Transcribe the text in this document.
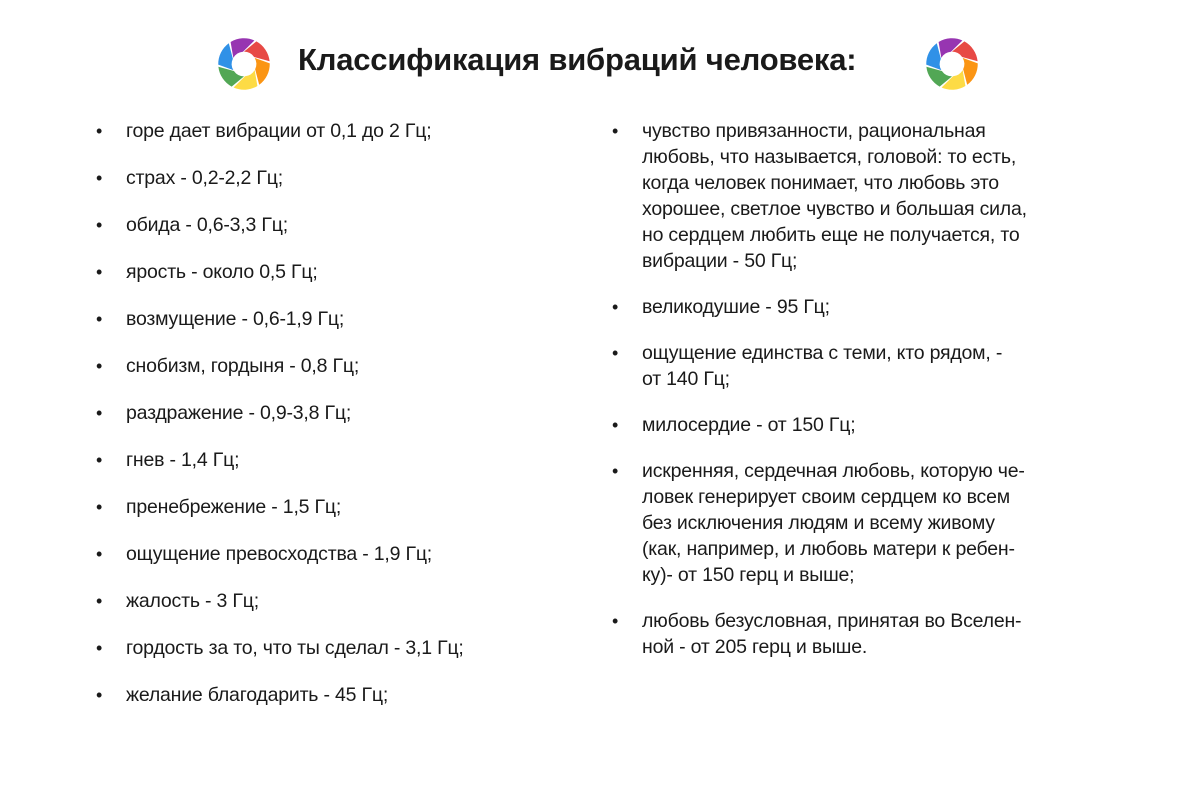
Классификация вибраций человека:
• горе дает вибрации от 0,1 до 2 Гц;
• страх - 0,2-2,2 Гц;
• обида - 0,6-3,3 Гц;
• ярость - около 0,5 Гц;
• возмущение - 0,6-1,9 Гц;
• снобизм, гордыня - 0,8 Гц;
• раздражение - 0,9-3,8 Гц;
• гнев - 1,4 Гц;
• пренебрежение - 1,5 Гц;
• ощущение превосходства - 1,9 Гц;
• жалость - 3 Гц;
• гордость за то, что ты сделал - 3,1 Гц;
• желание благодарить - 45 Гц;
• чувство привязанности, рациональная
любовь, что называется, головой: то есть,
когда человек понимает, что любовь это
хорошее, светлое чувство и большая сила,
но сердцем любить еще не получается, то
вибрации - 50 Гц;
• великодушие - 95 Гц;
• ощущение единства с теми, кто рядом, -
от 140 Гц;
• милосердие - от 150 Гц;
• искренняя, сердечная любовь, которую че-
ловек генерирует своим сердцем ко всем
без исключения людям и всему живому
(как, например, и любовь матери к ребен-
ку)- от 150 герц и выше;
• любовь безусловная, принятая во Вселен-
ной - от 205 герц и выше.
